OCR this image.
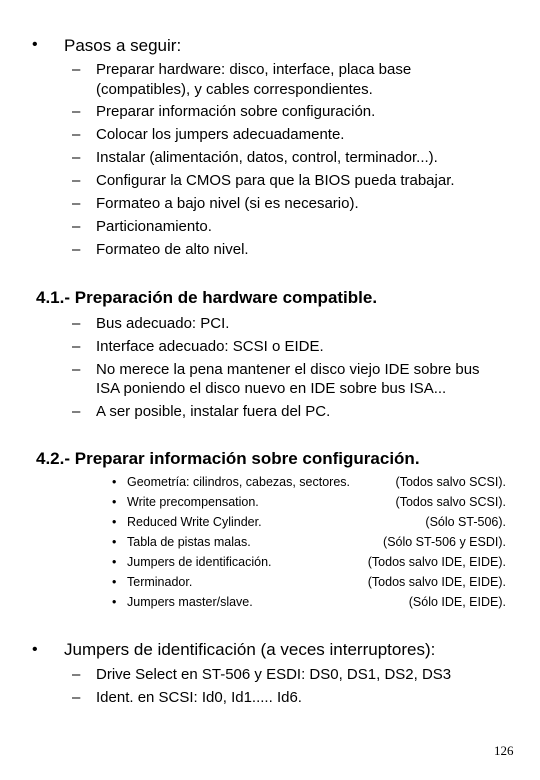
• Pasos a seguir:
– Preparar hardware: disco, interface, placa base
(compatibles), y cables correspondientes.
– Preparar información sobre configuración.
– Colocar los jumpers adecuadamente.
– Instalar (alimentación, datos, control, terminador...).
– Configurar la CMOS para que la BIOS pueda trabajar.
– Formateo a bajo nivel (si es necesario).
– Particionamiento.
– Formateo de alto nivel.
4.1.- Preparación de hardware compatible.
– Bus adecuado: PCI.
– Interface adecuado: SCSI o EIDE.
– No merece la pena mantener el disco viejo IDE sobre bus
ISA poniendo el disco nuevo en IDE sobre bus ISA...
– A ser posible, instalar fuera del PC.
4.2.- Preparar información sobre configuración.
•
•
•
•
•
•
•
Geometría: cilindros, cabezas, sectores.
Write precompensation.
Reduced Write Cylinder.
Tabla de pistas malas.
Jumpers de identificación.
Terminador.
Jumpers master/slave.
(Todos salvo SCSI).
(Todos salvo SCSI).
(Sólo ST-506).
(Sólo ST-506 y ESDI).
(Todos salvo IDE, EIDE).
(Todos salvo IDE, EIDE).
(Sólo IDE, EIDE).
• Jumpers de identificación (a veces interruptores):
– Drive Select en ST-506 y ESDI: DS0, DS1, DS2, DS3
– Ident. en SCSI: Id0, Id1..... Id6.
126
